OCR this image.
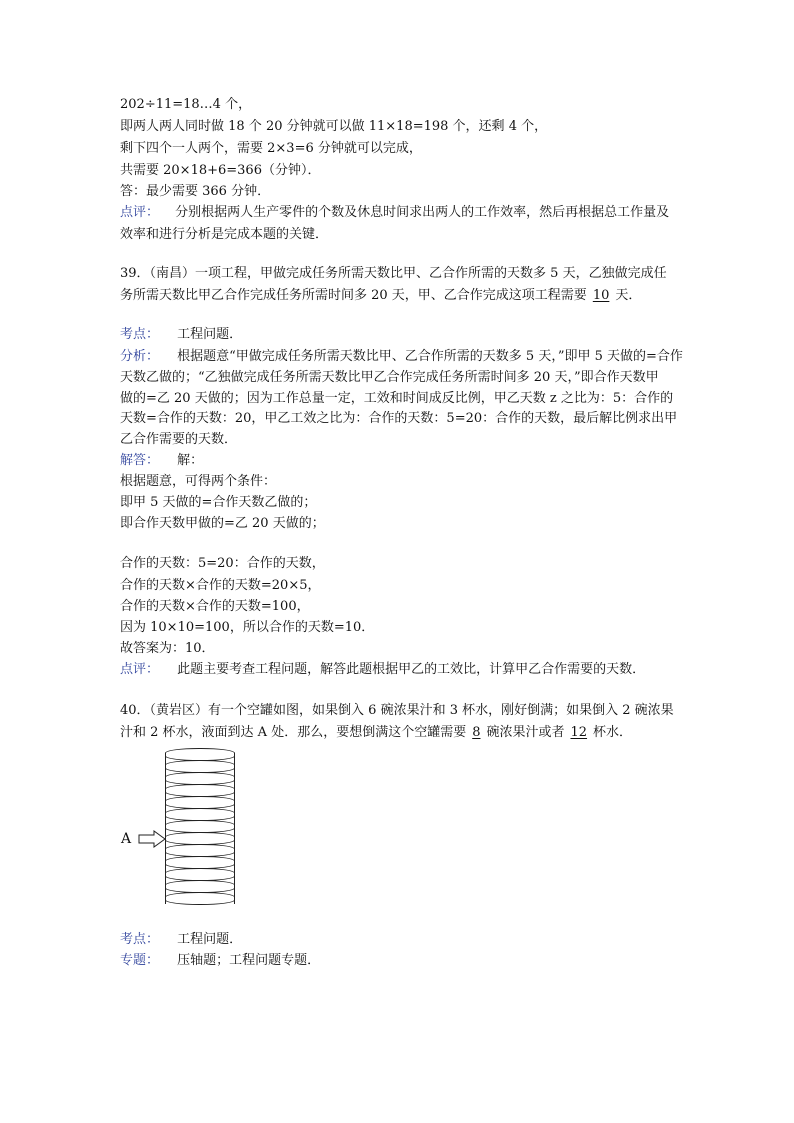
202÷11=18…4 个，
即两人两人同时做 18 个 20 分钟就可以做 11×18=198 个，还剩 4 个，
剩下四个一人两个，需要 2×3=6 分钟就可以完成，
共需要 20×18+6=366（分钟）．
答：最少需要 366 分钟．
点评： 分别根据两人生产零件的个数及休息时间求出两人的工作效率，然后再根据总工作量及
效率和进行分析是完成本题的关键．
39．（南昌）一项工程，甲做完成任务所需天数比甲、乙合作所需的天数多 5 天，乙独做完成任
务所需天数比甲乙合作完成任务所需时间多 20 天，甲、乙合作完成这项工程需要 10 天．
考点： 工程问题．
分析： 根据题意“甲做完成任务所需天数比甲、乙合作所需的天数多 5 天，”即甲 5 天做的=合作
天数乙做的；“乙独做完成任务所需天数比甲乙合作完成任务所需时间多 20 天，”即合作天数甲
做的=乙 20 天做的；因为工作总量一定，工效和时间成反比例，甲乙天数 z 之比为：5：合作的
天数=合作的天数：20，甲乙工效之比为：合作的天数：5=20：合作的天数，最后解比例求出甲
乙合作需要的天数．
解答： 解：
根据题意，可得两个条件：
即甲 5 天做的=合作天数乙做的；
即合作天数甲做的=乙 20 天做的；
合作的天数：5=20：合作的天数，
合作的天数×合作的天数=20×5，
合作的天数×合作的天数=100，
因为 10×10=100，所以合作的天数=10．
故答案为：10．
点评： 此题主要考查工程问题，解答此题根据甲乙的工效比，计算甲乙合作需要的天数．
40．（黄岩区）有一个空罐如图，如果倒入 6 碗浓果汁和 3 杯水，刚好倒满；如果倒入 2 碗浓果
汁和 2 杯水，液面到达 A 处．那么，要想倒满这个空罐需要 8 碗浓果汁或者 12 杯水．
A
考点： 工程问题．
专题： 压轴题；工程问题专题．
